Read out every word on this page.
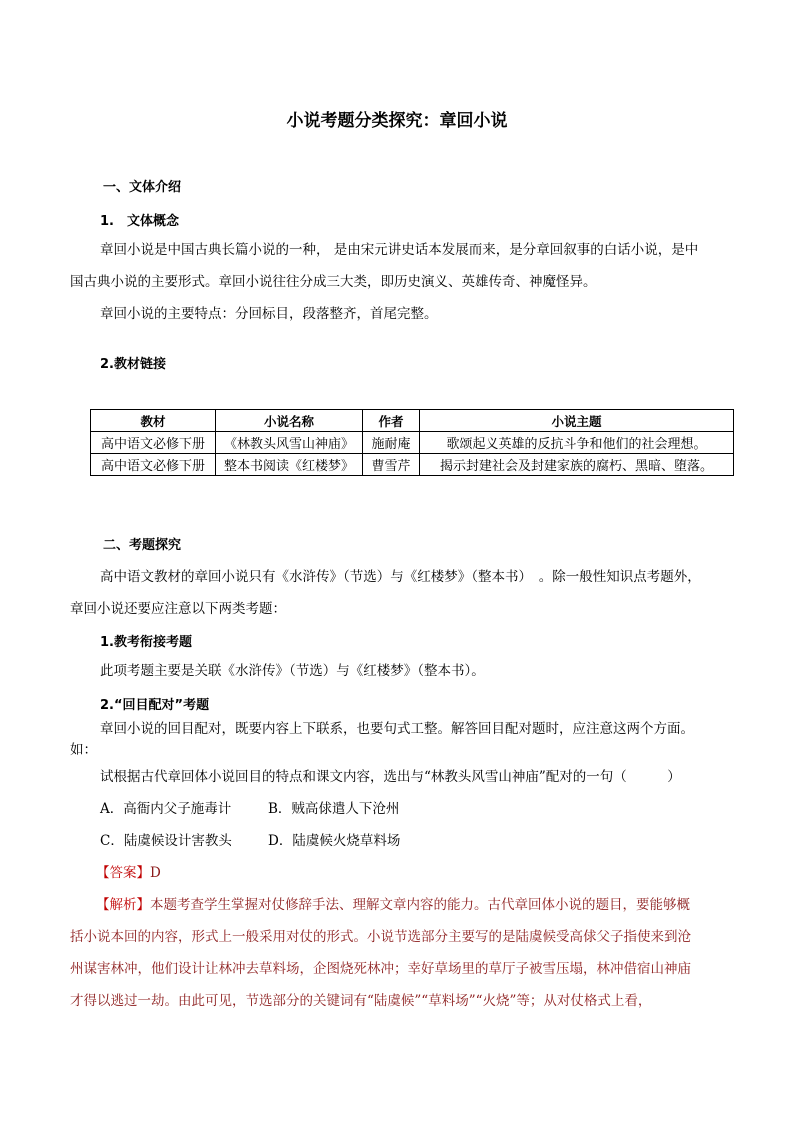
小说考题分类探究：章回小说
一、文体介绍
1.　文体概念
章回小说是中国古典长篇小说的一种， 是由宋元讲史话本发展而来，是分章回叙事的白话小说，是中
国古典小说的主要形式。章回小说往往分成三大类，即历史演义、英雄传奇、神魔怪异。
章回小说的主要特点：分回标目，段落整齐，首尾完整。
2.教材链接
教材	小说名称	作者	小说主题
高中语文必修下册	《林教头风雪山神庙》	施耐庵	歌颂起义英雄的反抗斗争和他们的社会理想。
高中语文必修下册	整本书阅读《红楼梦》	曹雪芹	揭示封建社会及封建家族的腐朽、黑暗、堕落。
二、考题探究
高中语文教材的章回小说只有《水浒传》（节选）与《红楼梦》（整本书）　。除一般性知识点考题外，
章回小说还要应注意以下两类考题：
1.教考衔接考题
此项考题主要是关联《水浒传》（节选）与《红楼梦》（整本书）。
2.“回目配对”考题
章回小说的回目配对，既要内容上下联系，也要句式工整。解答回目配对题时，应注意这两个方面。
如：
试根据古代章回体小说回目的特点和课文内容，选出与“林教头风雪山神庙”配对的一句（　　　）
A．高衙内父子施毒计	B．贼高俅遣人下沧州
C．陆虞候设计害教头	D．陆虞候火烧草料场
【答案】D
【解析】本题考查学生掌握对仗修辞手法、理解文章内容的能力。古代章回体小说的题目，要能够概
括小说本回的内容，形式上一般采用对仗的形式。小说节选部分主要写的是陆虞候受高俅父子指使来到沧
州谋害林冲，他们设计让林冲去草料场，企图烧死林冲；幸好草场里的草厅子被雪压塌，林冲借宿山神庙
才得以逃过一劫。由此可见，节选部分的关键词有“陆虞候”“草料场”“火烧”等；从对仗格式上看，
